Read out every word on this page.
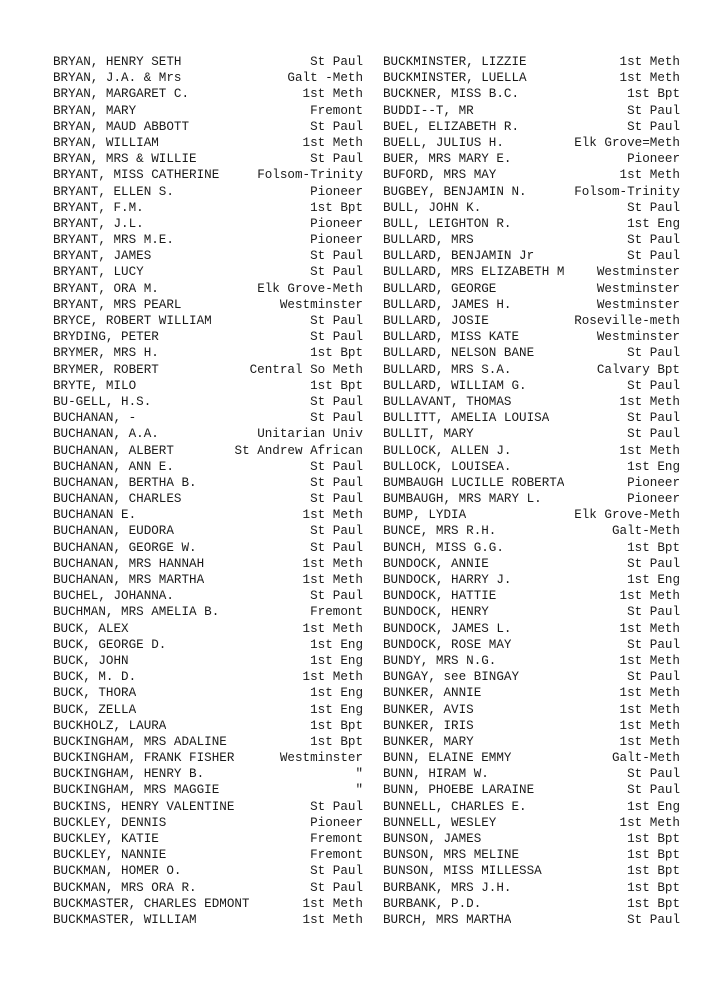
BRYAN, HENRY SETH	St Paul
BRYAN, J.A. & Mrs	Galt -Meth
BRYAN, MARGARET C.	1st Meth
BRYAN, MARY	Fremont
BRYAN, MAUD ABBOTT	St Paul
BRYAN, WILLIAM	1st Meth
BRYAN, MRS & WILLIE	St Paul
BRYANT, MISS CATHERINE	Folsom-Trinity
BRYANT, ELLEN S.	Pioneer
BRYANT, F.M.	1st Bpt
BRYANT, J.L.	Pioneer
BRYANT, MRS M.E.	Pioneer
BRYANT, JAMES	St Paul
BRYANT, LUCY	St Paul
BRYANT, ORA M.	Elk Grove-Meth
BRYANT, MRS PEARL	Westminster
BRYCE, ROBERT WILLIAM	St Paul
BRYDING, PETER	St Paul
BRYMER, MRS H.	1st Bpt
BRYMER, ROBERT	Central So Meth
BRYTE, MILO	1st Bpt
BU-GELL, H.S.	St Paul
BUCHANAN, -	St Paul
BUCHANAN, A.A.	Unitarian Univ
BUCHANAN, ALBERT	St Andrew African
BUCHANAN, ANN E.	St Paul
BUCHANAN, BERTHA B.	St Paul
BUCHANAN, CHARLES	St Paul
BUCHANAN E.	1st Meth
BUCHANAN, EUDORA	St Paul
BUCHANAN, GEORGE W.	St Paul
BUCHANAN, MRS HANNAH	1st Meth
BUCHANAN, MRS MARTHA	1st Meth
BUCHEL, JOHANNA.	St Paul
BUCHMAN, MRS AMELIA B.	Fremont
BUCK, ALEX	1st Meth
BUCK, GEORGE D.	1st Eng
BUCK, JOHN	1st Eng
BUCK, M. D.	1st Meth
BUCK, THORA	1st Eng
BUCK, ZELLA	1st Eng
BUCKHOLZ, LAURA	1st Bpt
BUCKINGHAM, MRS ADALINE	1st Bpt
BUCKINGHAM, FRANK FISHER	Westminster
BUCKINGHAM, HENRY B.	"
BUCKINGHAM, MRS MAGGIE	"
BUCKINS, HENRY VALENTINE	St Paul
BUCKLEY, DENNIS	Pioneer
BUCKLEY, KATIE	Fremont
BUCKLEY, NANNIE	Fremont
BUCKMAN, HOMER O.	St Paul
BUCKMAN, MRS ORA R.	St Paul
BUCKMASTER, CHARLES EDMONT	1st Meth
BUCKMASTER, WILLIAM	1st Meth
BUCKMINSTER, LIZZIE	1st Meth
BUCKMINSTER, LUELLA	1st Meth
BUCKNER, MISS B.C.	1st Bpt
BUDDI--T, MR	St Paul
BUEL, ELIZABETH R.	St Paul
BUELL, JULIUS H.	Elk Grove=Meth
BUER, MRS MARY E.	Pioneer
BUFORD, MRS MAY	1st Meth
BUGBEY, BENJAMIN N.	Folsom-Trinity
BULL, JOHN K.	St Paul
BULL, LEIGHTON R.	1st Eng
BULLARD, MRS	St Paul
BULLARD, BENJAMIN Jr	St Paul
BULLARD, MRS ELIZABETH M	Westminster
BULLARD, GEORGE	Westminster
BULLARD, JAMES H.	Westminster
BULLARD, JOSIE	Roseville-meth
BULLARD, MISS KATE	Westminster
BULLARD, NELSON BANE	St Paul
BULLARD, MRS S.A.	Calvary Bpt
BULLARD, WILLIAM G.	St Paul
BULLAVANT, THOMAS	1st Meth
BULLITT, AMELIA LOUISA	St Paul
BULLIT, MARY	St Paul
BULLOCK, ALLEN J.	1st Meth
BULLOCK, LOUISEA.	1st Eng
BUMBAUGH LUCILLE ROBERTA	Pioneer
BUMBAUGH, MRS MARY L.	Pioneer
BUMP, LYDIA	Elk Grove-Meth
BUNCE, MRS R.H.	Galt-Meth
BUNCH, MISS G.G.	1st Bpt
BUNDOCK, ANNIE	St Paul
BUNDOCK, HARRY J.	1st Eng
BUNDOCK, HATTIE	1st Meth
BUNDOCK, HENRY	St Paul
BUNDOCK, JAMES L.	1st Meth
BUNDOCK, ROSE MAY	St Paul
BUNDY, MRS N.G.	1st Meth
BUNGAY, see BINGAY	St Paul
BUNKER, ANNIE	1st Meth
BUNKER, AVIS	1st Meth
BUNKER, IRIS	1st Meth
BUNKER, MARY	1st Meth
BUNN, ELAINE EMMY	Galt-Meth
BUNN, HIRAM W.	St Paul
BUNN, PHOEBE LARAINE	St Paul
BUNNELL, CHARLES E.	1st Eng
BUNNELL, WESLEY	1st Meth
BUNSON, JAMES	1st Bpt
BUNSON, MRS MELINE	1st Bpt
BUNSON, MISS MILLESSA	1st Bpt
BURBANK, MRS J.H.	1st Bpt
BURBANK, P.D.	1st Bpt
BURCH, MRS MARTHA	St Paul
